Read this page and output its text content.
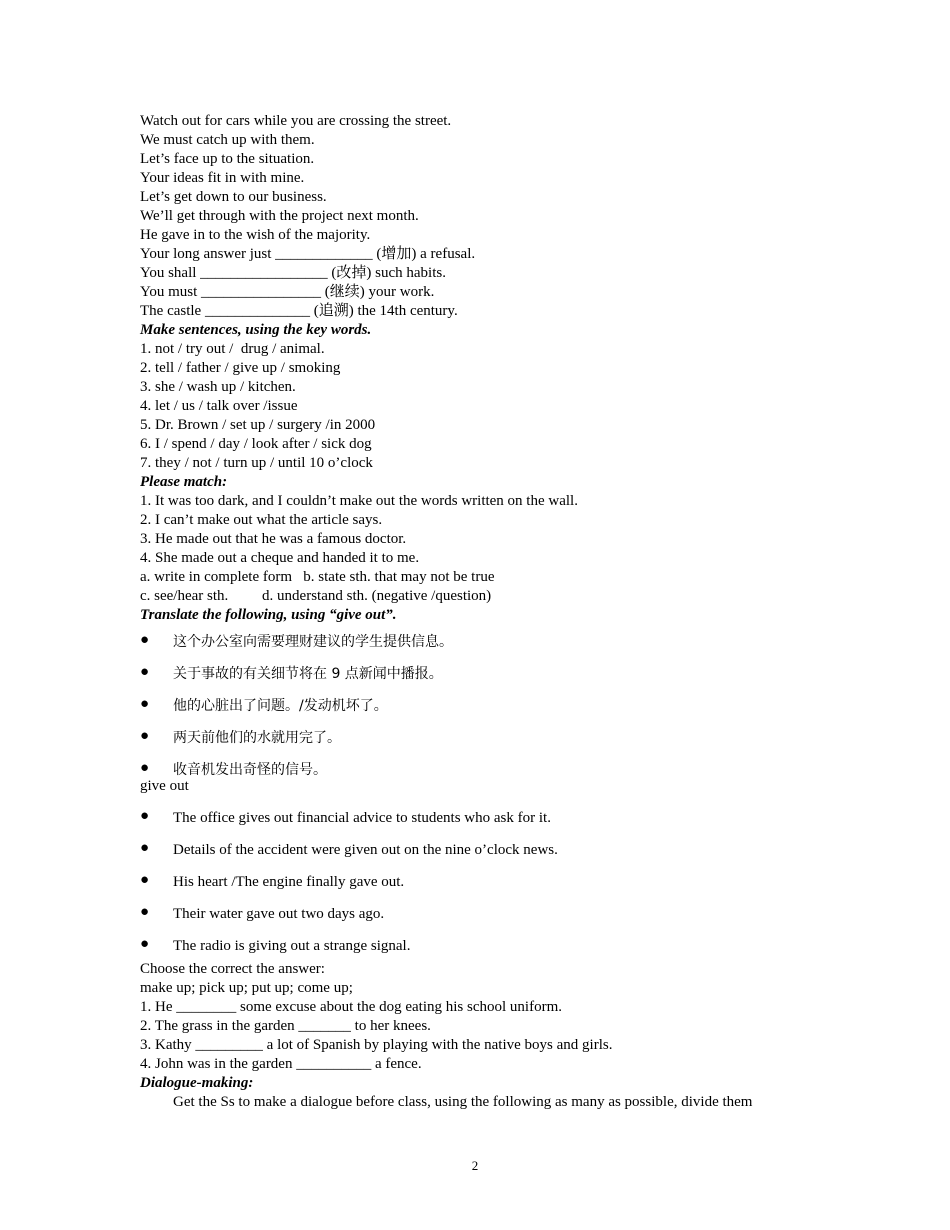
Watch out for cars while you are crossing the street.
We must catch up with them.
Let’s face up to the situation.
Your ideas fit in with mine.
Let’s get down to our business.
We’ll get through with the project next month.
He gave in to the wish of the majority.
Your long answer just _____________ (增加) a refusal.
You shall _________________ (改掉) such habits.
You must ________________ (继续) your work.
The castle ______________ (追溯) the 14th century.
Make sentences, using the key words.
1. not / try out /  drug / animal.
2. tell / father / give up / smoking
3. she / wash up / kitchen.
4. let / us / talk over /issue
5. Dr. Brown / set up / surgery /in 2000
6. I / spend / day / look after / sick dog
7. they / not / turn up / until 10 o’clock
Please match:
1. It was too dark, and I couldn’t make out the words written on the wall.
2. I can’t make out what the article says.
3. He made out that he was a famous doctor.
4. She made out a cheque and handed it to me.
a. write in complete form   b. state sth. that may not be true
c. see/hear sth.         d. understand sth. (negative /question)
Translate the following, using “give out”.
● 这个办公室向需要理财建议的学生提供信息。
● 关于事故的有关细节将在 9 点新闻中播报。
● 他的心脏出了问题。/发动机坏了。
● 两天前他们的水就用完了。
● 收音机发出奇怪的信号。
give out
● The office gives out financial advice to students who ask for it.
● Details of the accident were given out on the nine o’clock news.
● His heart /The engine finally gave out.
● Their water gave out two days ago.
● The radio is giving out a strange signal.
Choose the correct the answer:
make up; pick up; put up; come up;
1. He ________ some excuse about the dog eating his school uniform.
2. The grass in the garden _______ to her knees.
3. Kathy _________ a lot of Spanish by playing with the native boys and girls.
4. John was in the garden __________ a fence.
Dialogue-making:
Get the Ss to make a dialogue before class, using the following as many as possible, divide them
2
